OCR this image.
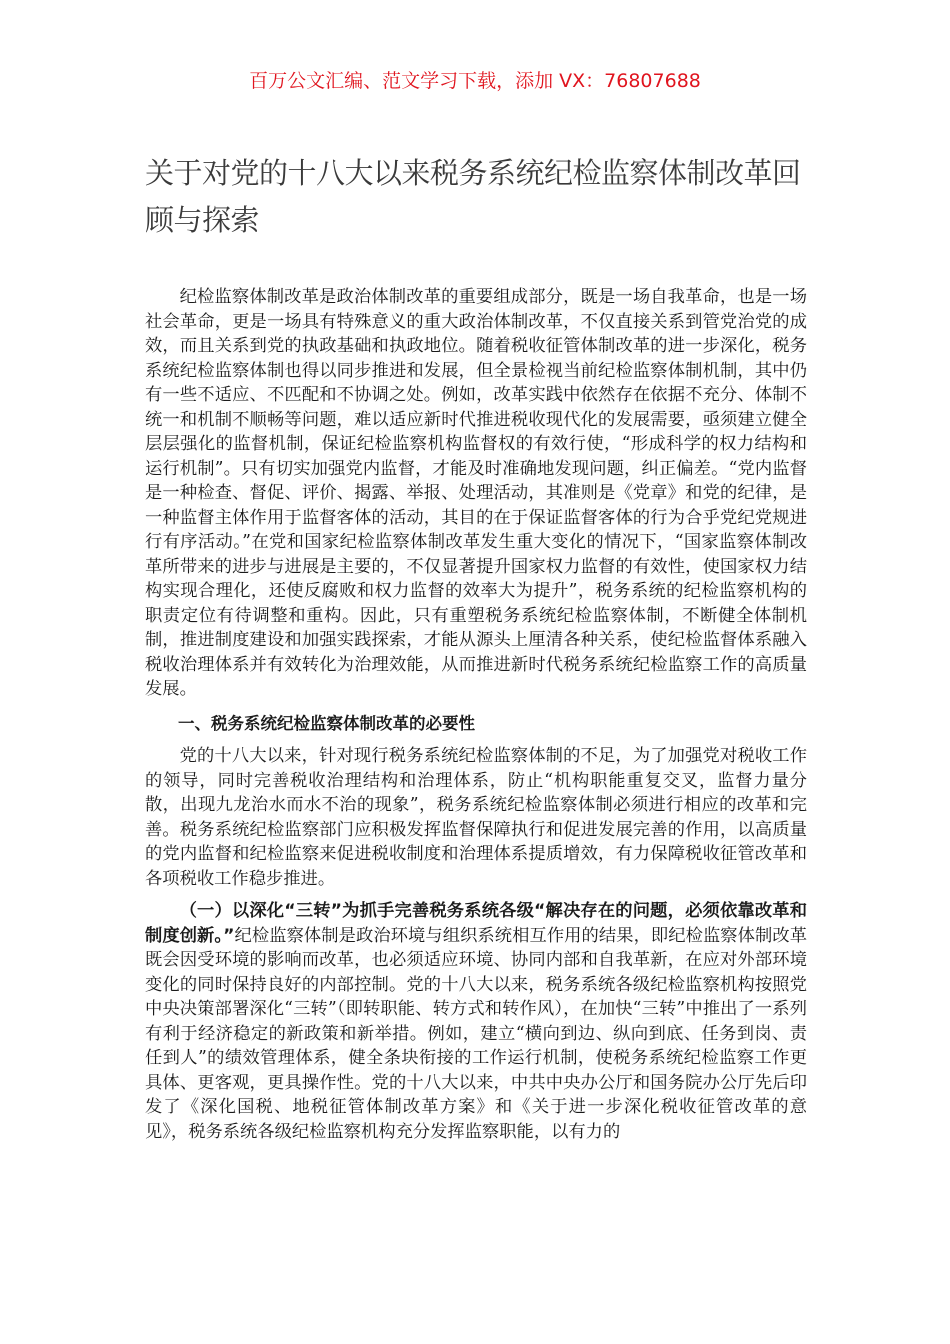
百万公文汇编、范文学习下载，添加 VX：76807688
关于对党的十八大以来税务系统纪检监察体制改革回顾与探索

纪检监察体制改革是政治体制改革的重要组成部分，既是一场自我革命，也是一场社会革命，更是一场具有特殊意义的重大政治体制改革，不仅直接关系到管党治党的成效，而且关系到党的执政基础和执政地位。随着税收征管体制改革的进一步深化，税务系统纪检监察体制也得以同步推进和发展，但全景检视当前纪检监察体制机制，其中仍有一些不适应、不匹配和不协调之处。例如，改革实践中依然存在依据不充分、体制不统一和机制不顺畅等问题，难以适应新时代推进税收现代化的发展需要，亟须建立健全层层强化的监督机制，保证纪检监察机构监督权的有效行使，“形成科学的权力结构和运行机制”。只有切实加强党内监督，才能及时准确地发现问题，纠正偏差。“党内监督是一种检查、督促、评价、揭露、举报、处理活动，其准则是《党章》和党的纪律，是一种监督主体作用于监督客体的活动，其目的在于保证监督客体的行为合乎党纪党规进行有序活动。”在党和国家纪检监察体制改革发生重大变化的情况下，“国家监察体制改革所带来的进步与进展是主要的，不仅显著提升国家权力监督的有效性，使国家权力结构实现合理化，还使反腐败和权力监督的效率大为提升”，税务系统的纪检监察机构的职责定位有待调整和重构。因此，只有重塑税务系统纪检监察体制，不断健全体制机制，推进制度建设和加强实践探索，才能从源头上厘清各种关系，使纪检监督体系融入税收治理体系并有效转化为治理效能，从而推进新时代税务系统纪检监察工作的高质量发展。

一、税务系统纪检监察体制改革的必要性

党的十八大以来，针对现行税务系统纪检监察体制的不足，为了加强党对税收工作的领导，同时完善税收治理结构和治理体系，防止“机构职能重复交叉，监督力量分散，出现九龙治水而水不治的现象”，税务系统纪检监察体制必须进行相应的改革和完善。税务系统纪检监察部门应积极发挥监督保障执行和促进发展完善的作用，以高质量的党内监督和纪检监察来促进税收制度和治理体系提质增效，有力保障税收征管改革和各项税收工作稳步推进。

（一）以深化“三转”为抓手完善税务系统各级“解决存在的问题，必须依靠改革和制度创新。”纪检监察体制是政治环境与组织系统相互作用的结果，即纪检监察体制改革既会因受环境的影响而改革，也必须适应环境、协同内部和自我革新，在应对外部环境变化的同时保持良好的内部控制。党的十八大以来，税务系统各级纪检监察机构按照党中央决策部署深化“三转”（即转职能、转方式和转作风），在加快“三转”中推出了一系列有利于经济稳定的新政策和新举措。例如，建立“横向到边、纵向到底、任务到岗、责任到人”的绩效管理体系，健全条块衔接的工作运行机制，使税务系统纪检监察工作更具体、更客观，更具操作性。党的十八大以来，中共中央办公厅和国务院办公厅先后印发了《深化国税、地税征管体制改革方案》和《关于进一步深化税收征管改革的意见》，税务系统各级纪检监察机构充分发挥监察职能，以有力的
